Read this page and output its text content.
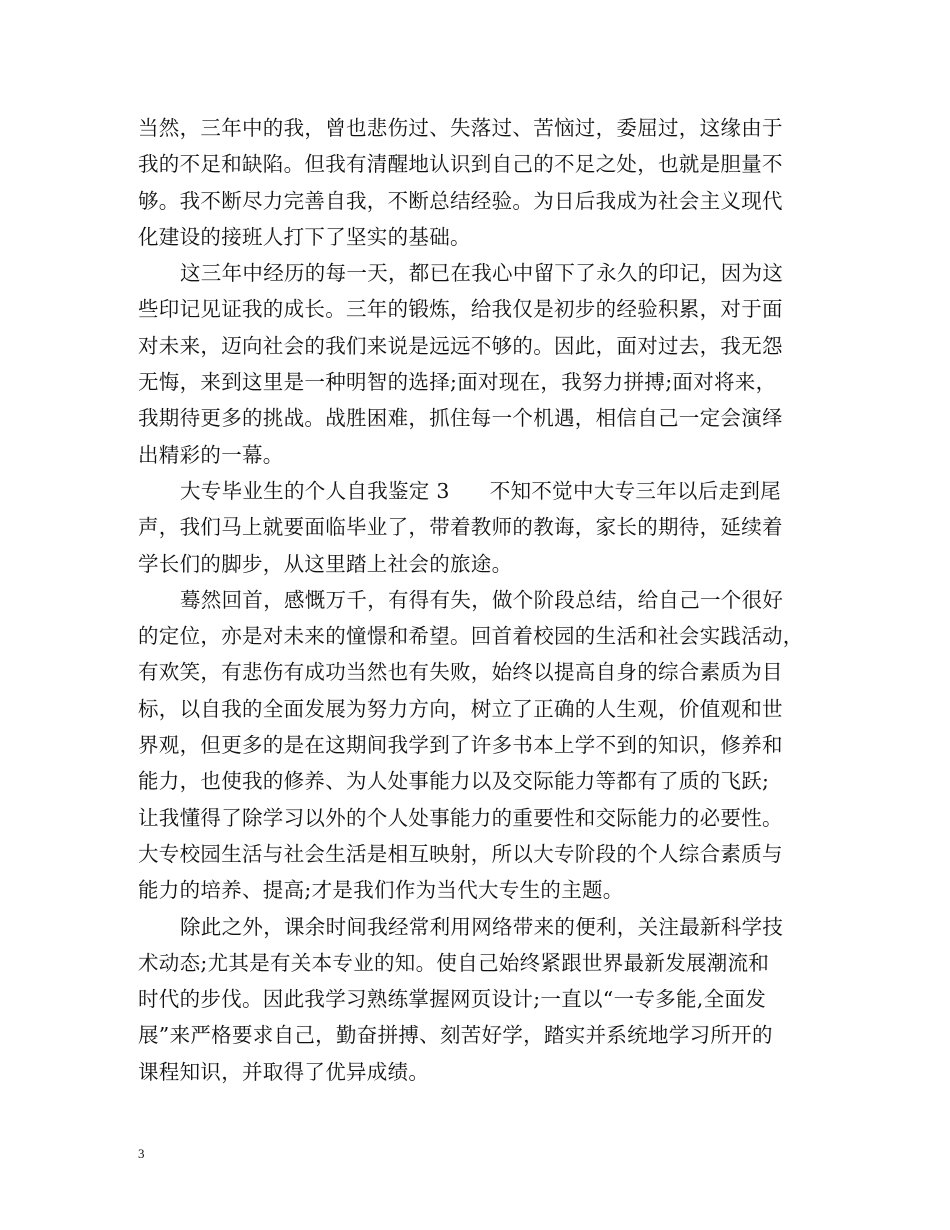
当然，三年中的我，曾也悲伤过、失落过、苦恼过，委屈过，这缘由于
我的不足和缺陷。但我有清醒地认识到自己的不足之处，也就是胆量不
够。我不断尽力完善自我，不断总结经验。为日后我成为社会主义现代
化建设的接班人打下了坚实的基础。
这三年中经历的每一天，都已在我心中留下了永久的印记，因为这
些印记见证我的成长。三年的锻炼，给我仅是初步的经验积累，对于面
对未来，迈向社会的我们来说是远远不够的。因此，面对过去，我无怨
无悔，来到这里是一种明智的选择;面对现在，我努力拼搏;面对将来，
我期待更多的挑战。战胜困难，抓住每一个机遇，相信自己一定会演绎
出精彩的一幕。
大专毕业生的个人自我鉴定 3 不知不觉中大专三年以后走到尾
声，我们马上就要面临毕业了，带着教师的教诲，家长的期待，延续着
学长们的脚步，从这里踏上社会的旅途。
蓦然回首，感慨万千，有得有失，做个阶段总结，给自己一个很好
的定位，亦是对未来的憧憬和希望。回首着校园的生活和社会实践活动，
有欢笑，有悲伤有成功当然也有失败，始终以提高自身的综合素质为目
标，以自我的全面发展为努力方向，树立了正确的人生观，价值观和世
界观，但更多的是在这期间我学到了许多书本上学不到的知识，修养和
能力，也使我的修养、为人处事能力以及交际能力等都有了质的飞跃;
让我懂得了除学习以外的个人处事能力的重要性和交际能力的必要性。
大专校园生活与社会生活是相互映射，所以大专阶段的个人综合素质与
能力的培养、提高;才是我们作为当代大专生的主题。
除此之外，课余时间我经常利用网络带来的便利，关注最新科学技
术动态;尤其是有关本专业的知。使自己始终紧跟世界最新发展潮流和
时代的步伐。因此我学习熟练掌握网页设计;一直以“一专多能,全面发
展”来严格要求自己，勤奋拼搏、刻苦好学，踏实并系统地学习所开的
课程知识，并取得了优异成绩。
3
